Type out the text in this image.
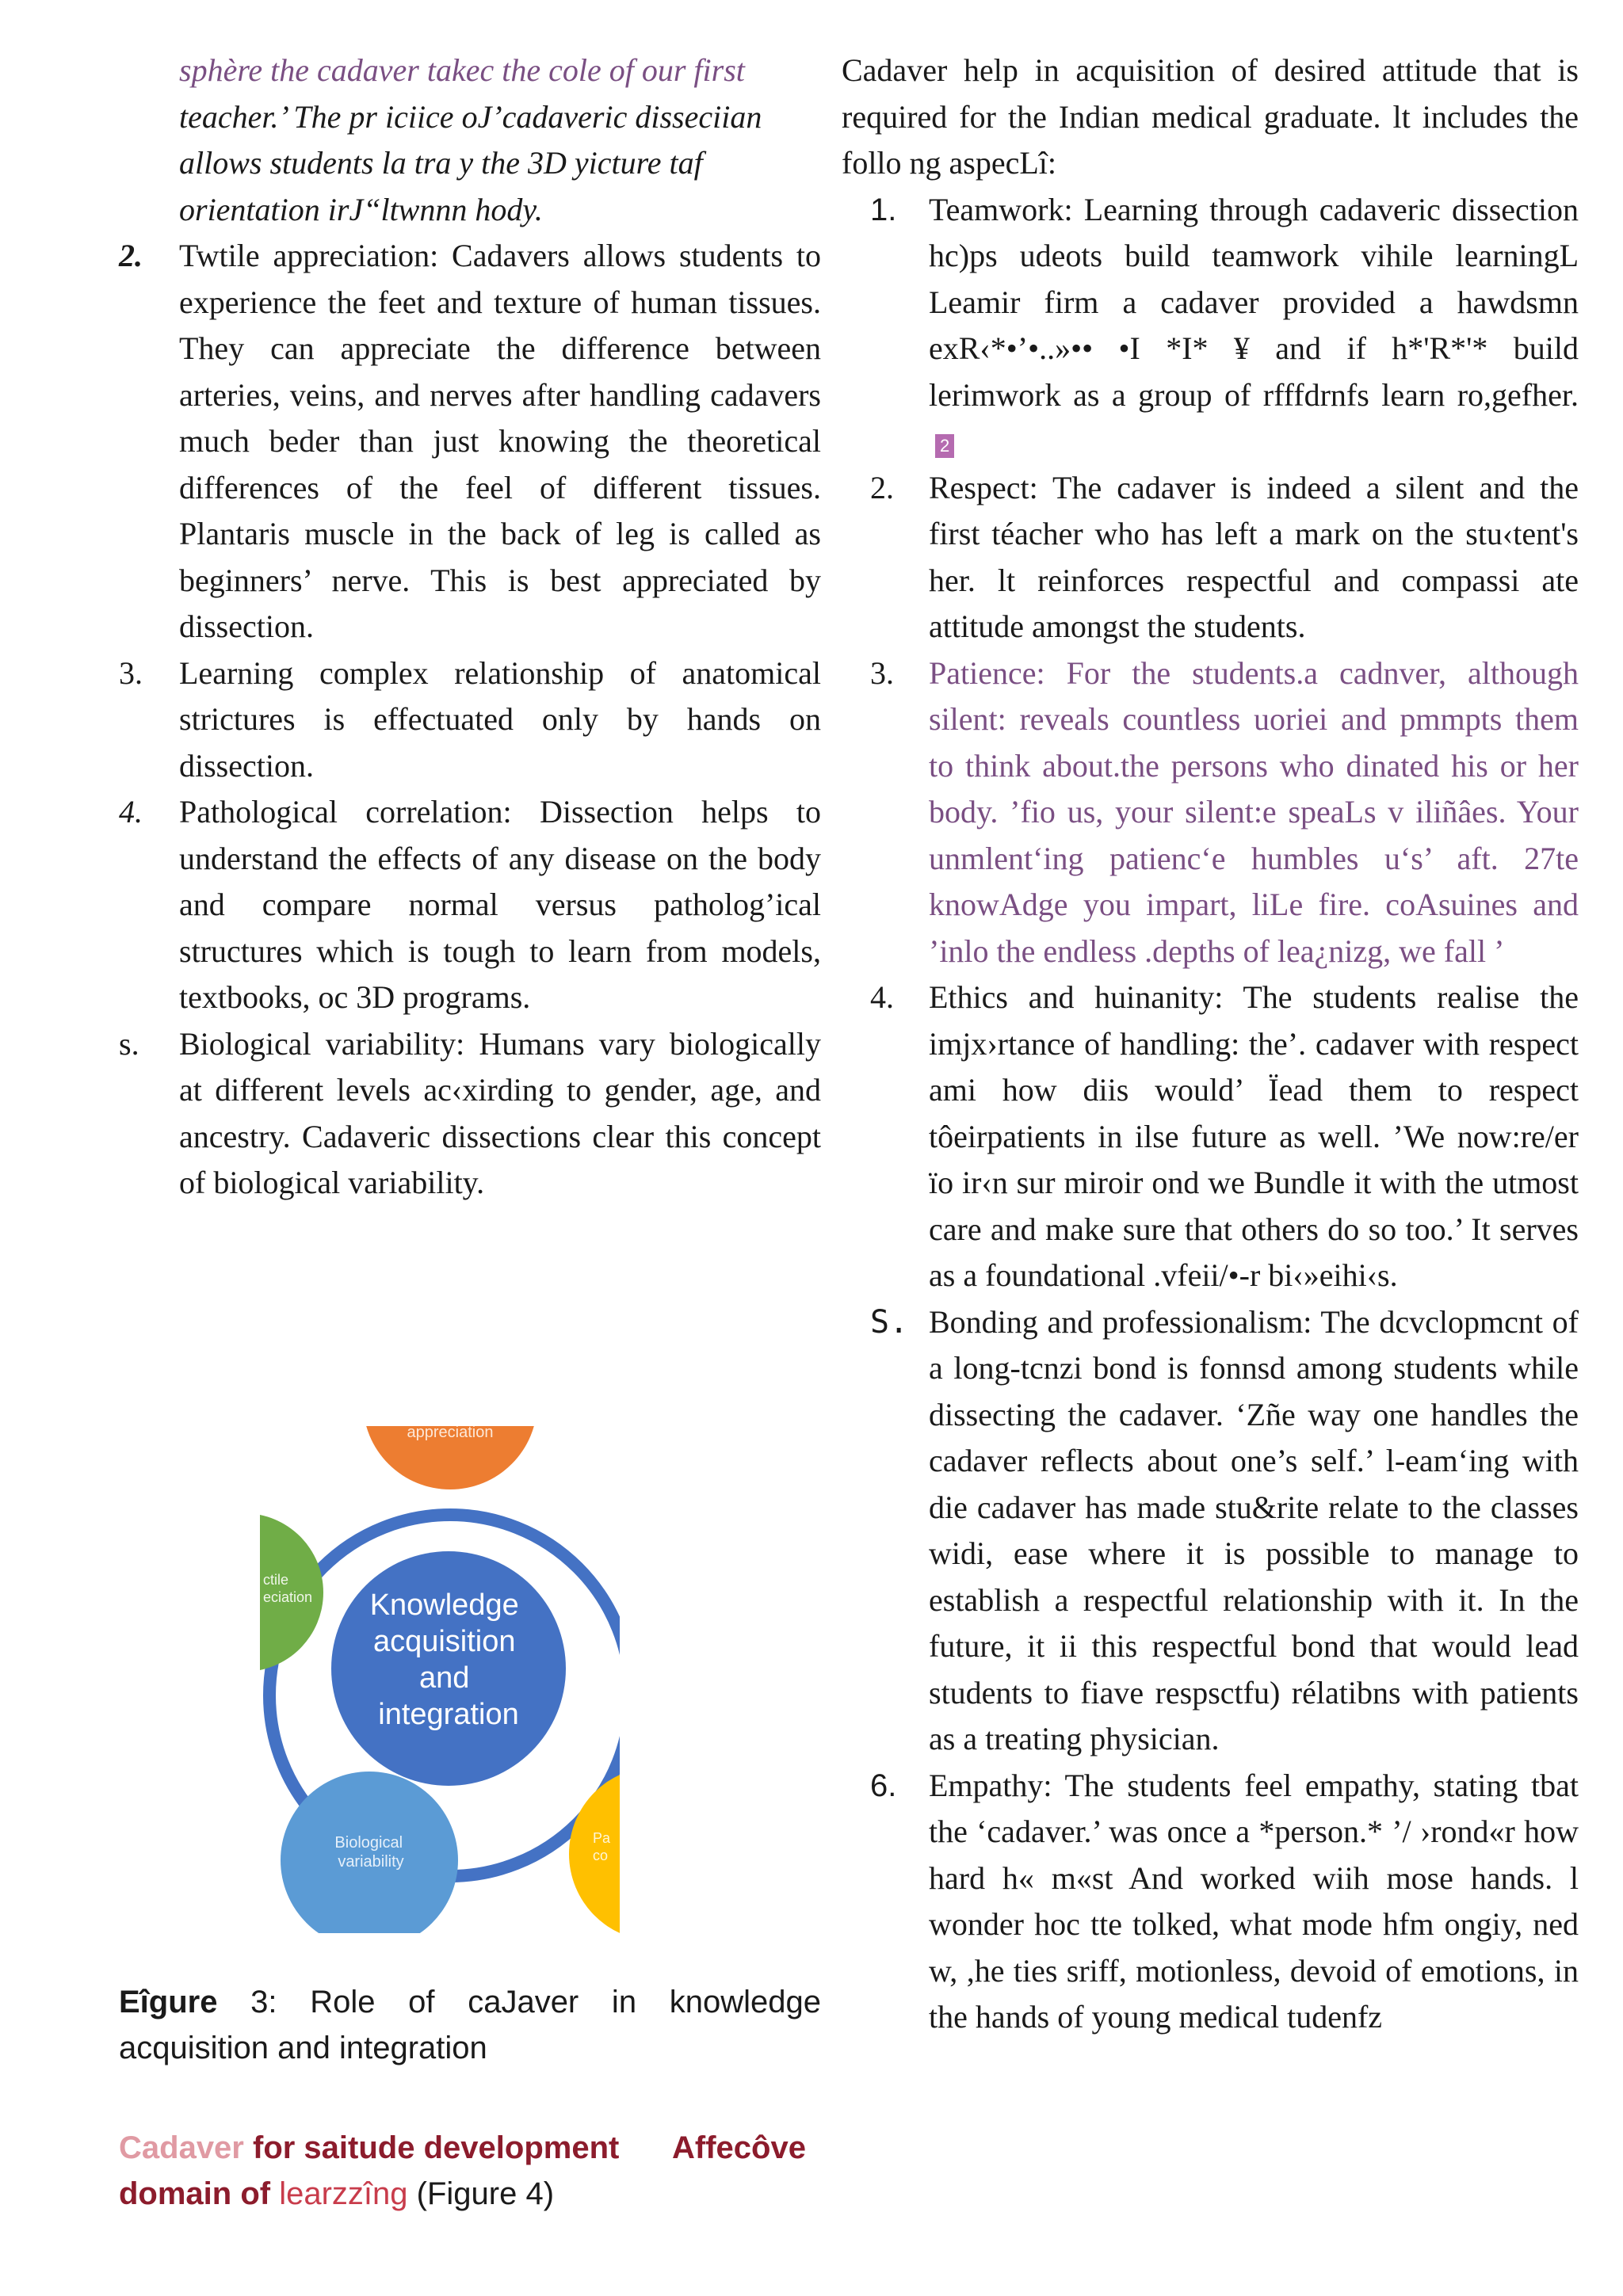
sphère the cadaver takec the cole of our first

teacher.’ The pr iciice oJ’cadaveric disseciian

allows students la tra y the 3D yicture taf

orientation irJ“ltwnnn hody.

2.	Twtile appreciation: Cadavers allows students to experience the feet and texture of human tissues. They can appreciate the difference between arteries, veins, and nerves after handling cadavers much beder than just knowing the theoretical differences of the feel of different tissues. Plantaris muscle in the back of leg is called as beginners’ nerve. This is best appreciated by dissection.
3.	Learning complex relationship of anatomical strictures is effectuated only by hands on dissection.
4.	Pathological correlation: Dissection helps to understand the effects of any disease on the body and compare normal versus patholog’ical structures which is tough to learn from models, textbooks, oc 3D programs.
s.	Biological variability: Humans vary biologically at different levels ac‹xirding to gender, age, and ancestry. Cadaveric dissections clear this concept of biological variability.
appreciation
ctile eciation Knowledge acquisition and integration
Biological variability
Pa co
Eîgure 3: Role of caJaver in knowledge acquisition and integration
Cadaver for saitude development Affecôve
domain of learzzîng (Figure 4)

Cadaver help in acquisition of desired attitude that is required for the Indian medical graduate. lt includes the follo ng aspecLî:

1.	Teamwork: Learning through cadaveric dissection hc)ps udeots build teamwork vihile learningL Leamir firm a cadaver provided a hawdsmn exR‹*•’•..»•• •I *I* ¥ and if h*'R*'* build lerimwork as a group of rfffdrnfs learn ro,gefher. 2
2.	Respect: The cadaver is indeed a silent and the first téacher who has left a mark on the stu‹tent's her. lt reinforces respectful and compassi ate attitude amongst the students.
3.	Patience: For the students.a cadnver, although silent: reveals countless uoriei and pmmpts them to think about.the persons who dinated his or her body. ’fio us, your silent:e speaLs v iliñâes. Your unmlent‘ing patienc‘e humbles u‘s’ aft. 27te knowAdge you impart, liLe fire. coAsuines and ’inlo the endless .depths of lea¿nizg, we fall ’
4.	Ethics and huinanity: The students realise the imjx›rtance of handling: the’. cadaver with respect ami how diis would’ Ïead them to respect tôeirpatients in ilse future as well. ’We now:re/er ïo ir‹n sur miroir ond we Bundle it with the utmost care and make sure that others do so too.’ It serves as a foundational .vfeii/•-r bi‹»eihi‹s.
S. Bonding and professionalism: The dcvclopmcnt of a long-tcnzi bond is fonnsd among students while dissecting the cadaver. ‘Zñe way one handles the cadaver reflects about one’s self.’ l-eam‘ing with die cadaver has made stu&rite relate to the classes widi, ease where it is possible to manage to establish a respectful relationship with it. In the future, it ii this respectful bond that would lead students to fiave respsctfu) rélatibns with patients as a treating physician.
6.	Empathy: The students feel empathy, stating tbat the ‘cadaver.’ was once a *person.* ’/ ›rond«r how hard h« m«st And worked wiih mose hands. l wonder hoc tte tolked, what mode hfm ongiy, ned w, ,he ties sriff, motionless, devoid of emotions, in the hands of young medical tudenfz
